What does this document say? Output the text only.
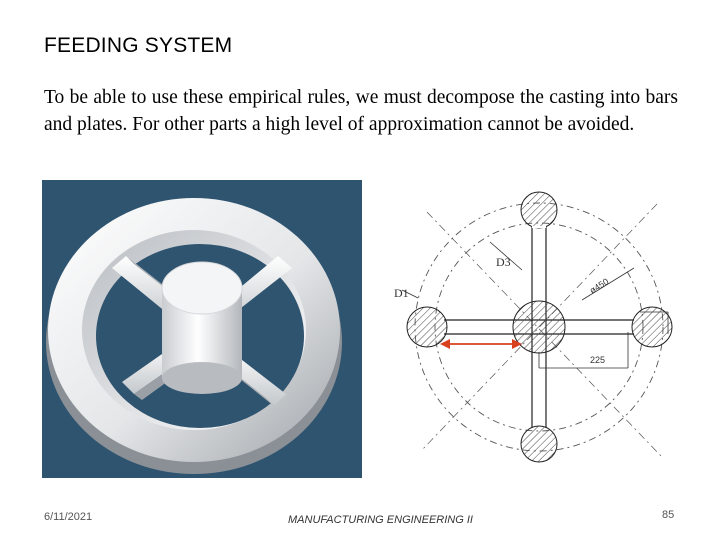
FEEDING SYSTEM
To be able to use these empirical rules, we must decompose the casting into bars and plates. For other parts a high level of approximation cannot be avoided.
D3
D1	ø450
225
6/11/2021	MANUFACTURING ENGINEERING II	85
